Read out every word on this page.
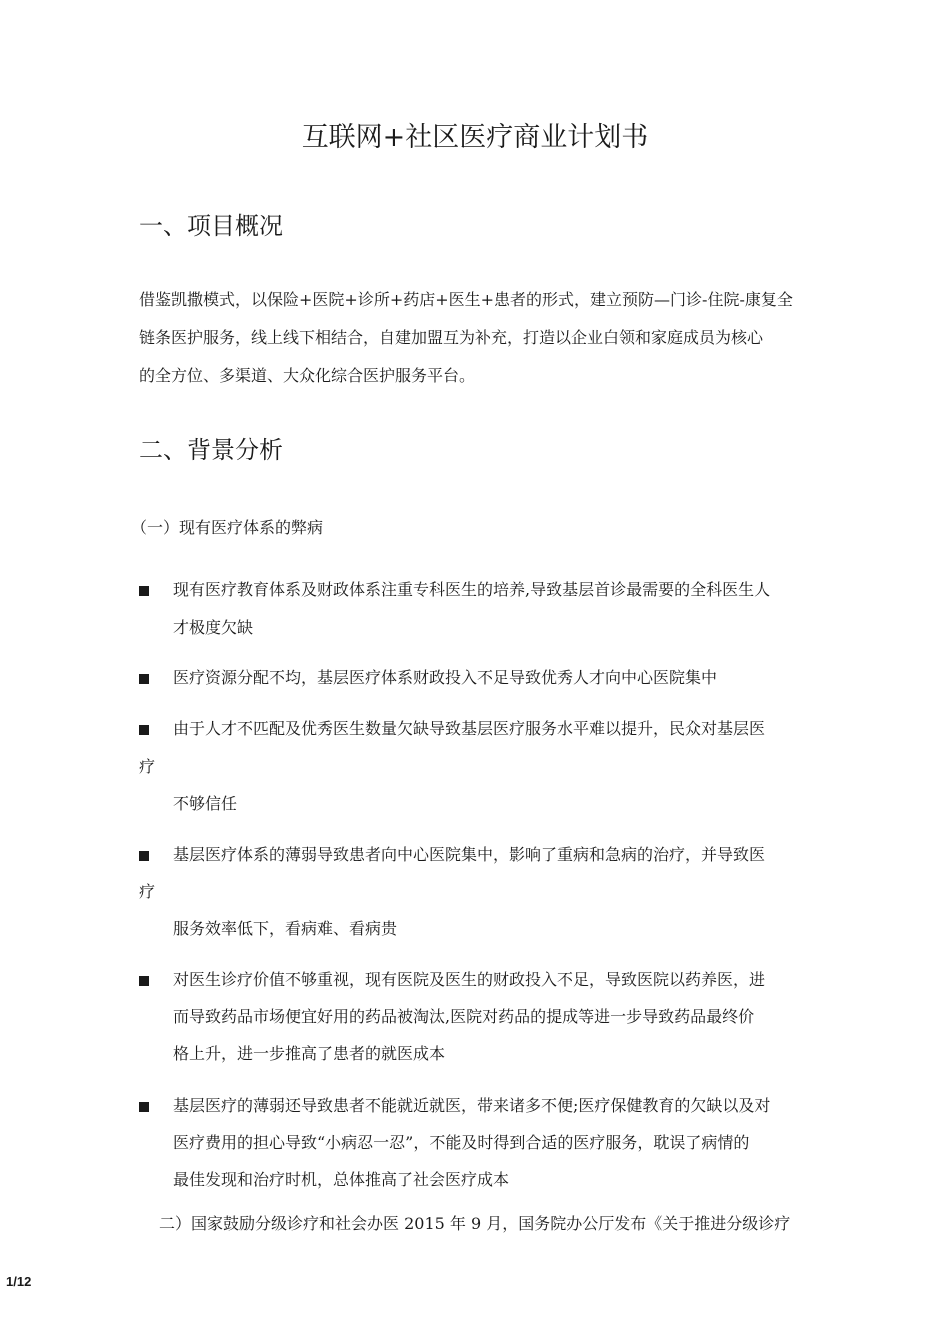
互联网+社区医疗商业计划书
一、项目概况
借鉴凯撒模式，以保险+医院+诊所+药店+医生+患者的形式，建立预防—门诊-住院-康复全
链条医护服务，线上线下相结合，自建加盟互为补充，打造以企业白领和家庭成员为核心
的全方位、多渠道、大众化综合医护服务平台。
二、背景分析
（一）现有医疗体系的弊病
现有医疗教育体系及财政体系注重专科医生的培养,导致基层首诊最需要的全科医生人
才极度欠缺
医疗资源分配不均，基层医疗体系财政投入不足导致优秀人才向中心医院集中
由于人才不匹配及优秀医生数量欠缺导致基层医疗服务水平难以提升，民众对基层医
疗
不够信任
基层医疗体系的薄弱导致患者向中心医院集中，影响了重病和急病的治疗，并导致医
疗
服务效率低下，看病难、看病贵
对医生诊疗价值不够重视，现有医院及医生的财政投入不足，导致医院以药养医，进
而导致药品市场便宜好用的药品被淘汰,医院对药品的提成等进一步导致药品最终价
格上升，进一步推高了患者的就医成本
基层医疗的薄弱还导致患者不能就近就医，带来诸多不便;医疗保健教育的欠缺以及对
医疗费用的担心导致“小病忍一忍”，不能及时得到合适的医疗服务，耽误了病情的
最佳发现和治疗时机，总体推高了社会医疗成本
二）国家鼓励分级诊疗和社会办医 2015 年 9 月，国务院办公厅发布《关于推进分级诊疗
1/12
